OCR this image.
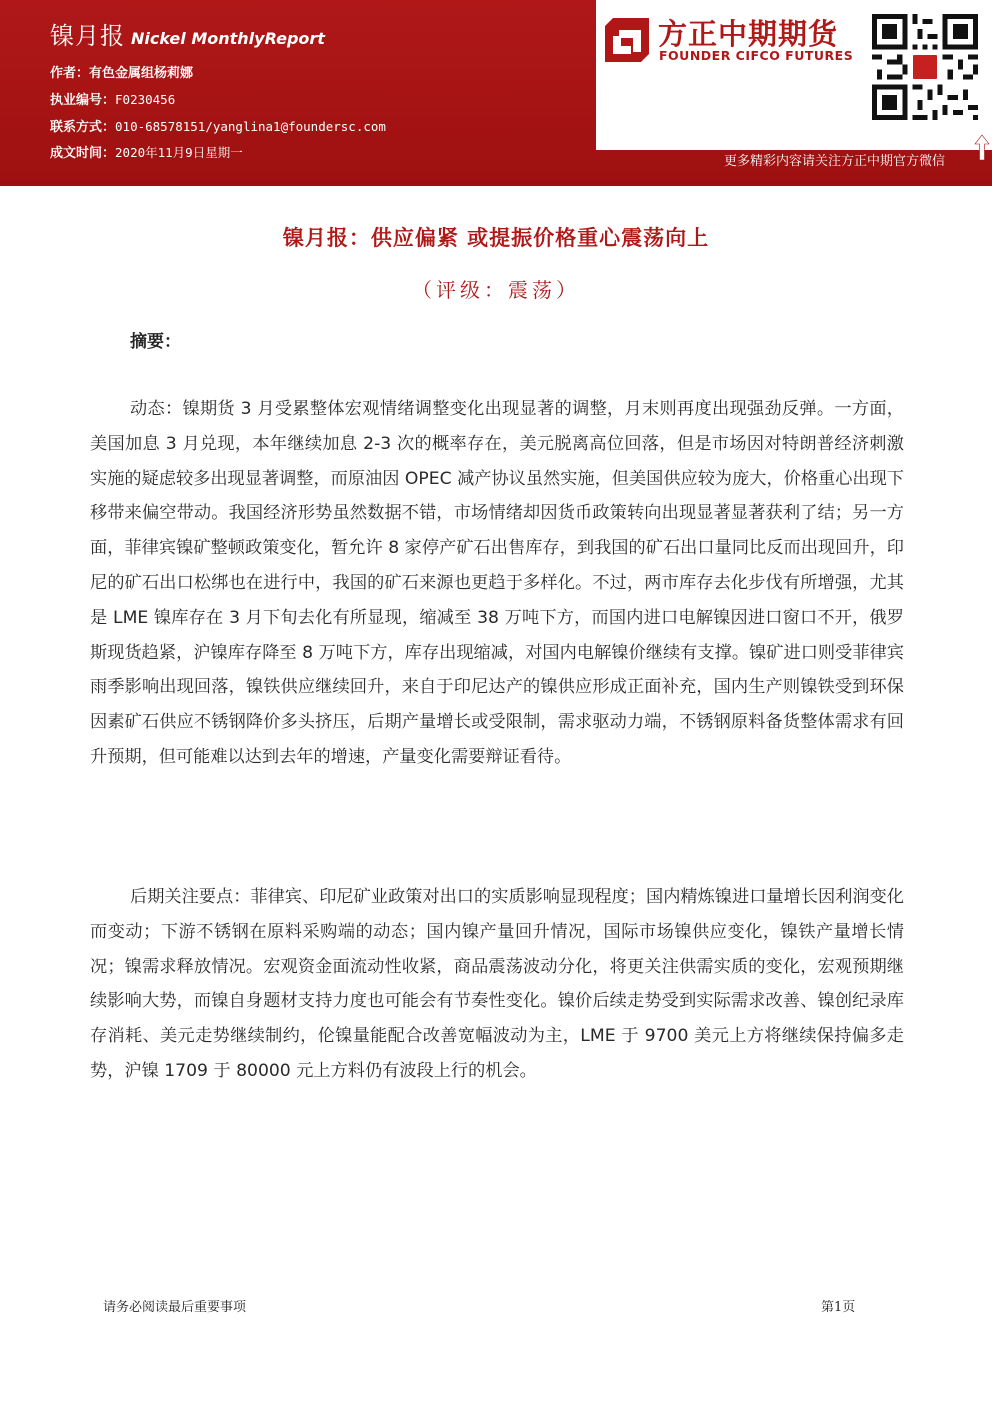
镍月报 Nickel MonthlyReport
作者：有色金属组杨莉娜
执业编号：F0230456
联系方式：010-68578151/yanglina1@foundersc.com
成文时间：2020年11月9日星期一
方正中期期货
FOUNDER CIFCO FUTURES
更多精彩内容请关注方正中期官方微信
镍月报：供应偏紧 或提振价格重心震荡向上
（评级：震荡）
摘要：

动态：镍期货 3 月受累整体宏观情绪调整变化出现显著的调整，月末则再度出现强劲反弹。一方面，美国加息 3 月兑现，本年继续加息 2-3 次的概率存在，美元脱离高位回落，但是市场因对特朗普经济刺激实施的疑虑较多出现显著调整，而原油因 OPEC 减产协议虽然实施，但美国供应较为庞大，价格重心出现下移带来偏空带动。我国经济形势虽然数据不错，市场情绪却因货币政策转向出现显著显著获利了结；另一方面，菲律宾镍矿整顿政策变化，暂允许 8 家停产矿石出售库存，到我国的矿石出口量同比反而出现回升，印尼的矿石出口松绑也在进行中，我国的矿石来源也更趋于多样化。不过，两市库存去化步伐有所增强，尤其是 LME 镍库存在 3 月下旬去化有所显现，缩减至 38 万吨下方，而国内进口电解镍因进口窗口不开，俄罗斯现货趋紧，沪镍库存降至 8 万吨下方，库存出现缩减，对国内电解镍价继续有支撑。镍矿进口则受菲律宾雨季影响出现回落，镍铁供应继续回升，来自于印尼达产的镍供应形成正面补充，国内生产则镍铁受到环保因素矿石供应不锈钢降价多头挤压，后期产量增长或受限制，需求驱动力端，不锈钢原料备货整体需求有回升预期，但可能难以达到去年的增速，产量变化需要辩证看待。

后期关注要点：菲律宾、印尼矿业政策对出口的实质影响显现程度；国内精炼镍进口量增长因利润变化而变动；下游不锈钢在原料采购端的动态；国内镍产量回升情况，国际市场镍供应变化，镍铁产量增长情况；镍需求释放情况。宏观资金面流动性收紧，商品震荡波动分化，将更关注供需实质的变化，宏观预期继续影响大势，而镍自身题材支持力度也可能会有节奏性变化。镍价后续走势受到实际需求改善、镍创纪录库存消耗、美元走势继续制约，伦镍量能配合改善宽幅波动为主，LME 于 9700 美元上方将继续保持偏多走势，沪镍 1709 于 80000 元上方料仍有波段上行的机会。

请务必阅读最后重要事项	第1页
